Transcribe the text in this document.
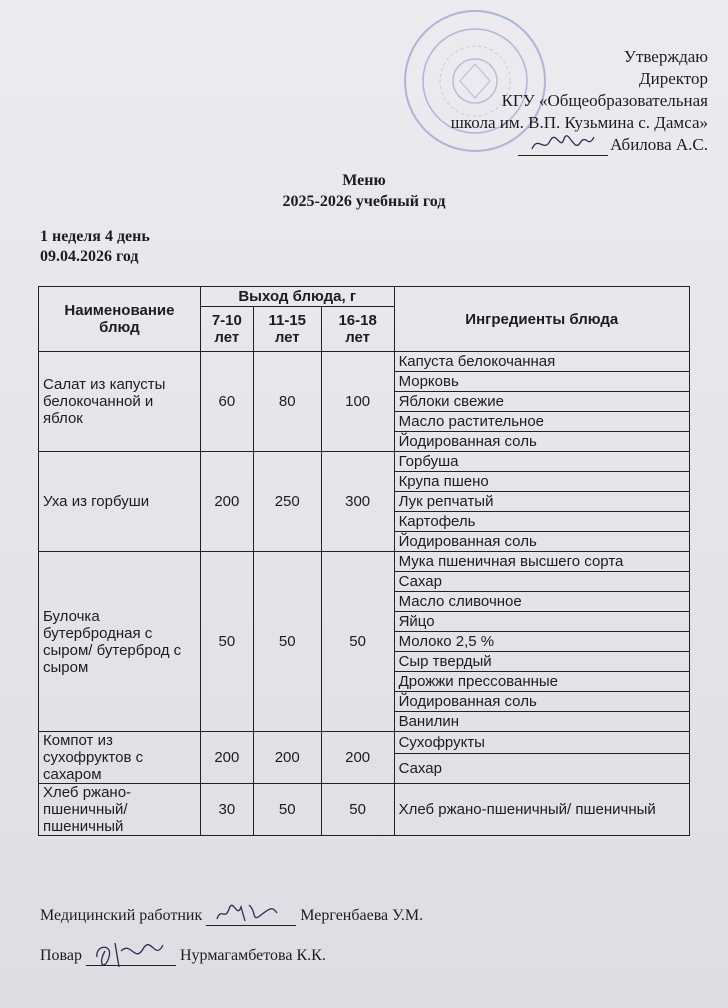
Утверждаю
Директор
КГУ «Общеобразовательная
школа им. В.П. Кузьмина с. Дамса»
Абилова А.С.
Меню
2025-2026 учебный год
1 неделя 4 день
09.04.2026 год
Наименование блюд	Выход блюда, г			Ингредиенты блюда
	7-10 лет	11-15 лет	16-18 лет	
Салат из капусты белокочанной и яблок	60	80	100	Капуста белокочанная
				Морковь
				Яблоки свежие
				Масло растительное
				Йодированная соль
Уха из горбуши	200	250	300	Горбуша
				Крупа пшено
				Лук репчатый
				Картофель
				Йодированная соль
Булочка бутербродная с сыром/ бутерброд с сыром	50	50	50	Мука пшеничная высшего сорта
				Сахар
				Масло сливочное
				Яйцо
				Молоко 2,5 %
				Сыр твердый
				Дрожжи прессованные
				Йодированная соль
				Ванилин
Компот из сухофруктов с сахаром	200	200	200	Сухофрукты
				Сахар
Хлеб ржано-пшеничный/ пшеничный	30	50	50	Хлеб ржано-пшеничный/ пшеничный
Медицинский работник	Мергенбаева У.М.
Повар	Нурмагамбетова К.К.
